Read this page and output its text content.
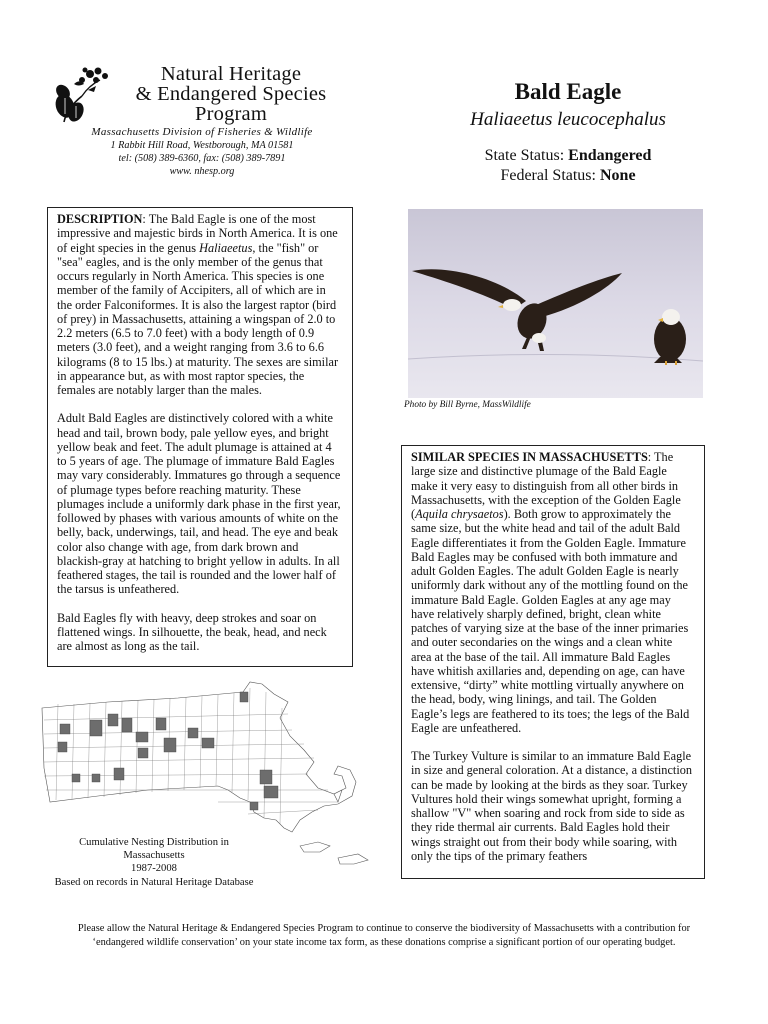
Natural Heritage
& Endangered Species
Program
Massachusetts Division of Fisheries & Wildlife
1 Rabbit Hill Road, Westborough, MA 01581
tel: (508) 389-6360, fax: (508) 389-7891
www. nhesp.org
Bald Eagle
Haliaeetus leucocephalus
State Status: Endangered
Federal Status: None

DESCRIPTION: The Bald Eagle is one of the most impressive and majestic birds in North America. It is one of eight species in the genus Haliaeetus, the "fish" or "sea" eagles, and is the only member of the genus that occurs regularly in North America. This species is one member of the family of Accipiters, all of which are in the order Falconiformes. It is also the largest raptor (bird of prey) in Massachusetts, attaining a wingspan of 2.0 to 2.2 meters (6.5 to 7.0 feet) with a body length of 0.9 meters (3.0 feet), and a weight ranging from 3.6 to 6.6 kilograms (8 to 15 lbs.) at maturity. The sexes are similar in appearance but, as with most raptor species, the females are notably larger than the males.

Adult Bald Eagles are distinctively colored with a white head and tail, brown body, pale yellow eyes, and bright yellow beak and feet. The adult plumage is attained at 4 to 5 years of age. The plumage of immature Bald Eagles may vary considerably. Immatures go through a sequence of plumage types before reaching maturity. These plumages include a uniformly dark phase in the first year, followed by phases with various amounts of white on the belly, back, underwings, tail, and head. The eye and beak color also change with age, from dark brown and blackish-gray at hatching to bright yellow in adults. In all feathered stages, the tail is rounded and the lower half of the tarsus is unfeathered.

Bald Eagles fly with heavy, deep strokes and soar on flattened wings. In silhouette, the beak, head, and neck are almost as long as the tail.

Photo by Bill Byrne, MassWildlife

SIMILAR SPECIES IN MASSACHUSETTS: The large size and distinctive plumage of the Bald Eagle make it very easy to distinguish from all other birds in Massachusetts, with the exception of the Golden Eagle (Aquila chrysaetos). Both grow to approximately the same size, but the white head and tail of the adult Bald Eagle differentiates it from the Golden Eagle. Immature Bald Eagles may be confused with both immature and adult Golden Eagles. The adult Golden Eagle is nearly uniformly dark without any of the mottling found on the immature Bald Eagle. Golden Eagles at any age may have relatively sharply defined, bright, clean white patches of varying size at the base of the inner primaries and outer secondaries on the wings and a clean white area at the base of the tail. All immature Bald Eagles have whitish axillaries and, depending on age, can have extensive, “dirty” white mottling virtually anywhere on the head, body, wing linings, and tail. The Golden Eagle’s legs are feathered to its toes; the legs of the Bald Eagle are unfeathered.

The Turkey Vulture is similar to an immature Bald Eagle in size and general coloration. At a distance, a distinction can be made by looking at the birds as they soar. Turkey Vultures hold their wings somewhat upright, forming a shallow "V" when soaring and rock from side to side as they ride thermal air currents. Bald Eagles hold their wings straight out from their body while soaring, with only the tips of the primary feathers

Cumulative Nesting Distribution in
Massachusetts
1987-2008
Based on records in Natural Heritage Database
Please allow the Natural Heritage & Endangered Species Program to continue to conserve the biodiversity of Massachusetts with a contribution for
‘endangered wildlife conservation’ on your state income tax form, as these donations comprise a significant portion of our operating budget.
